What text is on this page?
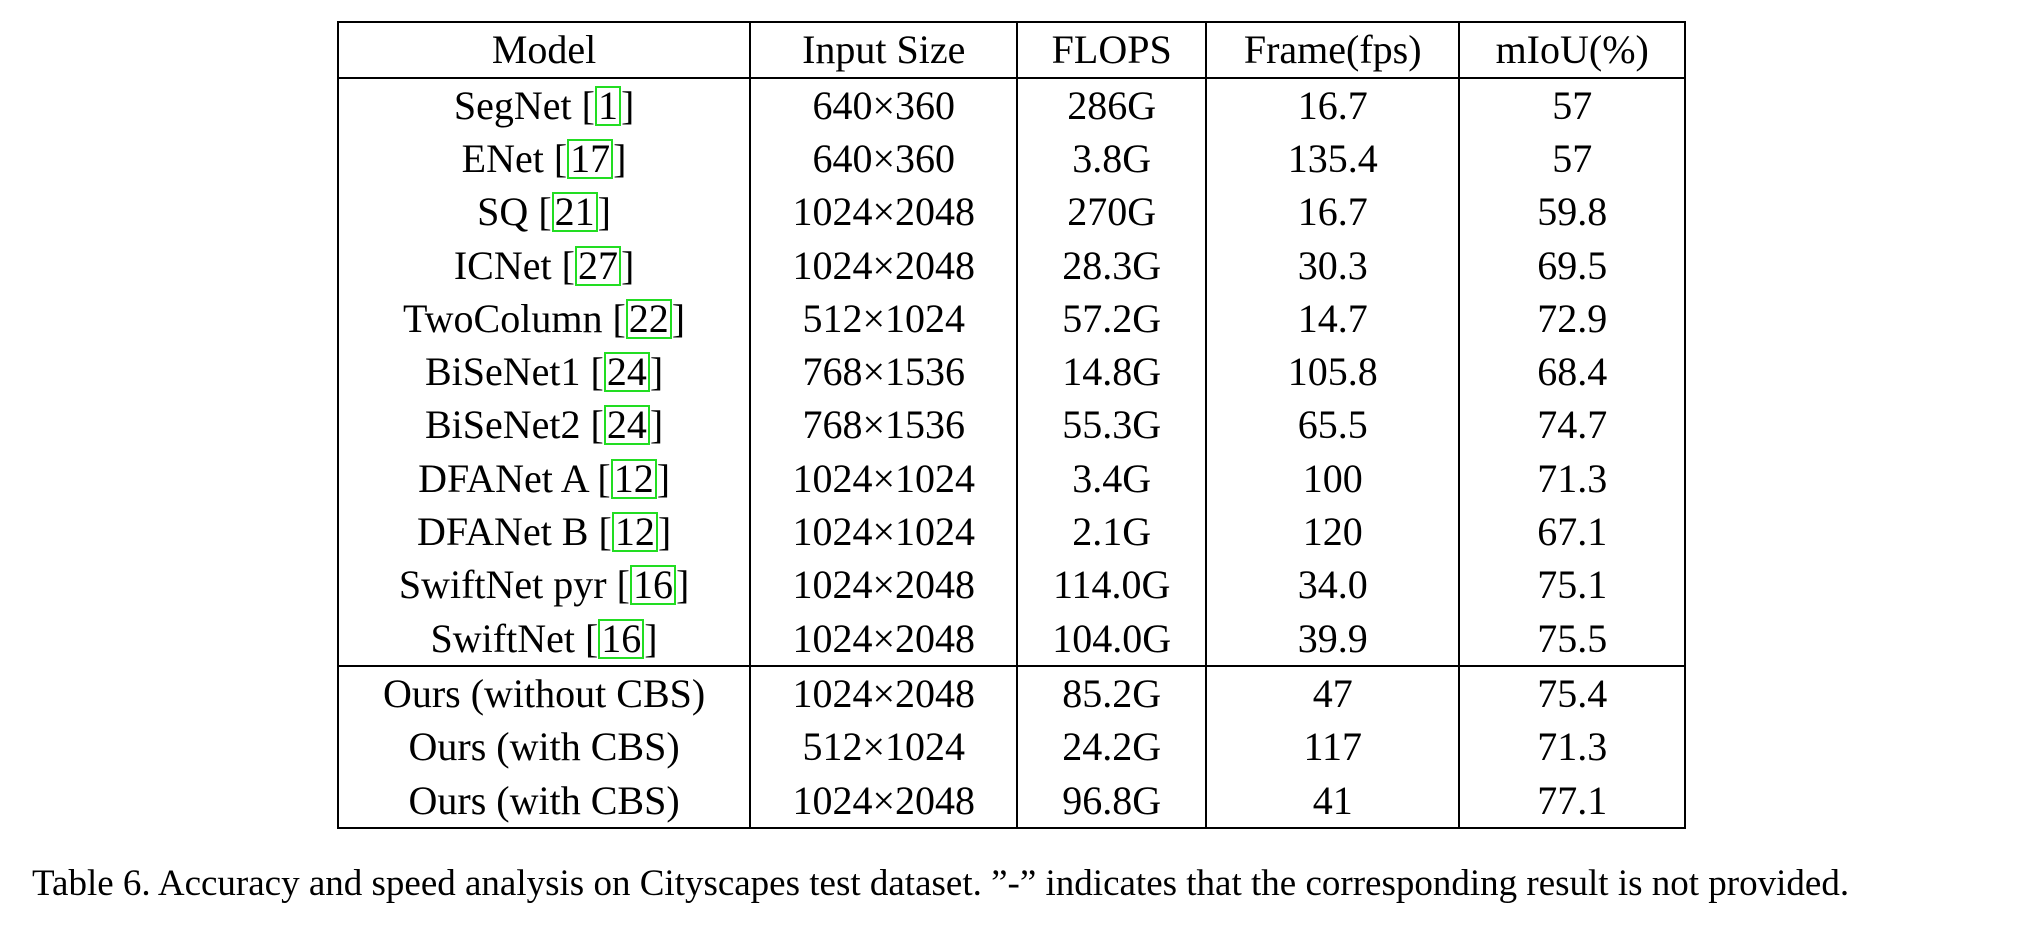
Model	Input Size	FLOPS	Frame(fps)	mIoU(%)
SegNet [1]	640×360	286G	16.7	57
ENet [17]	640×360	3.8G	135.4	57
SQ [21]	1024×2048	270G	16.7	59.8
ICNet [27]	1024×2048	28.3G	30.3	69.5
TwoColumn [22]	512×1024	57.2G	14.7	72.9
BiSeNet1 [24]	768×1536	14.8G	105.8	68.4
BiSeNet2 [24]	768×1536	55.3G	65.5	74.7
DFANet A [12]	1024×1024	3.4G	100	71.3
DFANet B [12]	1024×1024	2.1G	120	67.1
SwiftNet pyr [16]	1024×2048	114.0G	34.0	75.1
SwiftNet [16]	1024×2048	104.0G	39.9	75.5
Ours (without CBS)	1024×2048	85.2G	47	75.4
Ours (with CBS)	512×1024	24.2G	117	71.3
Ours (with CBS)	1024×2048	96.8G	41	77.1
Table 6. Accuracy and speed analysis on Cityscapes test dataset. ”-” indicates that the corresponding result is not provided.
